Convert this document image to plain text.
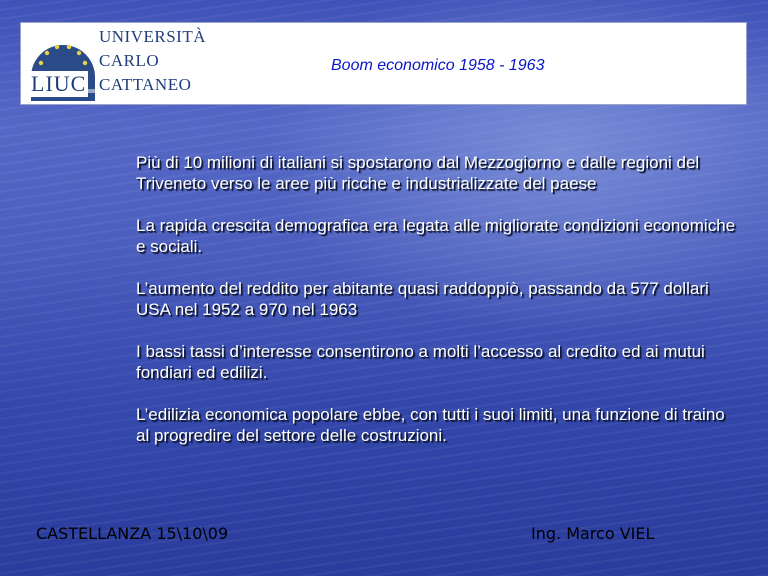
LIUC
UNIVERSITÀ
CARLO
CATTANEO
Boom economico 1958 - 1963

Più di 10 milioni di italiani si spostarono dal Mezzogiorno e dalle regioni del Triveneto verso le aree più ricche e industrializzate del paese

La rapida crescita demografica era legata alle migliorate condizioni economiche e sociali.

L’aumento del reddito per abitante quasi raddoppiò, passando da 577 dollari USA nel 1952 a 970 nel 1963

I bassi tassi d’interesse consentirono a molti l’accesso al credito ed ai mutui fondiari ed edilizi.

L’edilizia economica popolare ebbe, con tutti i suoi limiti, una funzione di traino al progredire del settore delle costruzioni.

CASTELLANZA 15\10\09	Ing. Marco VIEL
